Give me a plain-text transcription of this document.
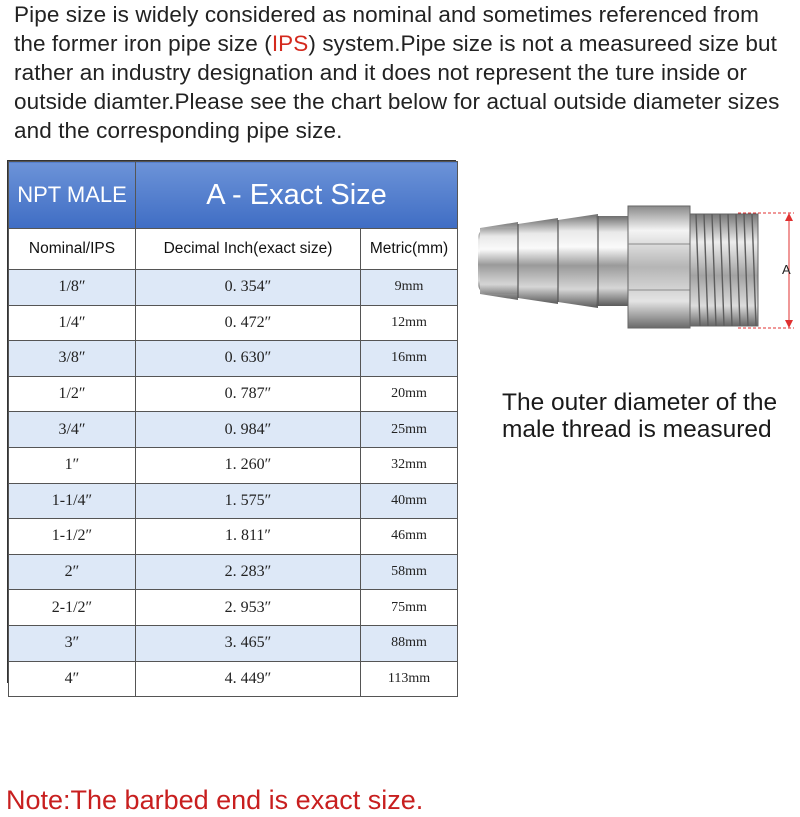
Pipe size is widely considered as nominal and sometimes referenced from the former iron pipe size (IPS) system.Pipe size is not a measureed size but rather an industry designation and it does not represent the ture inside or outside diamter.Please see the chart below for actual outside diameter sizes and the corresponding pipe size.
NPT MALE	A - Exact Size	
Nominal/IPS	Decimal Inch(exact size)	Metric(mm)
1/8″	0. 354″	9mm
1/4″	0. 472″	12mm
3/8″	0. 630″	16mm
1/2″	0. 787″	20mm
3/4″	0. 984″	25mm
1″	1. 260″	32mm
1-1/4″	1. 575″	40mm
1-1/2″	1. 811″	46mm
2″	2. 283″	58mm
2-1/2″	2. 953″	75mm
3″	3. 465″	88mm
4″	4. 449″	113mm
A
The outer diameter of the male thread is measured
Note:The barbed end is exact size.
